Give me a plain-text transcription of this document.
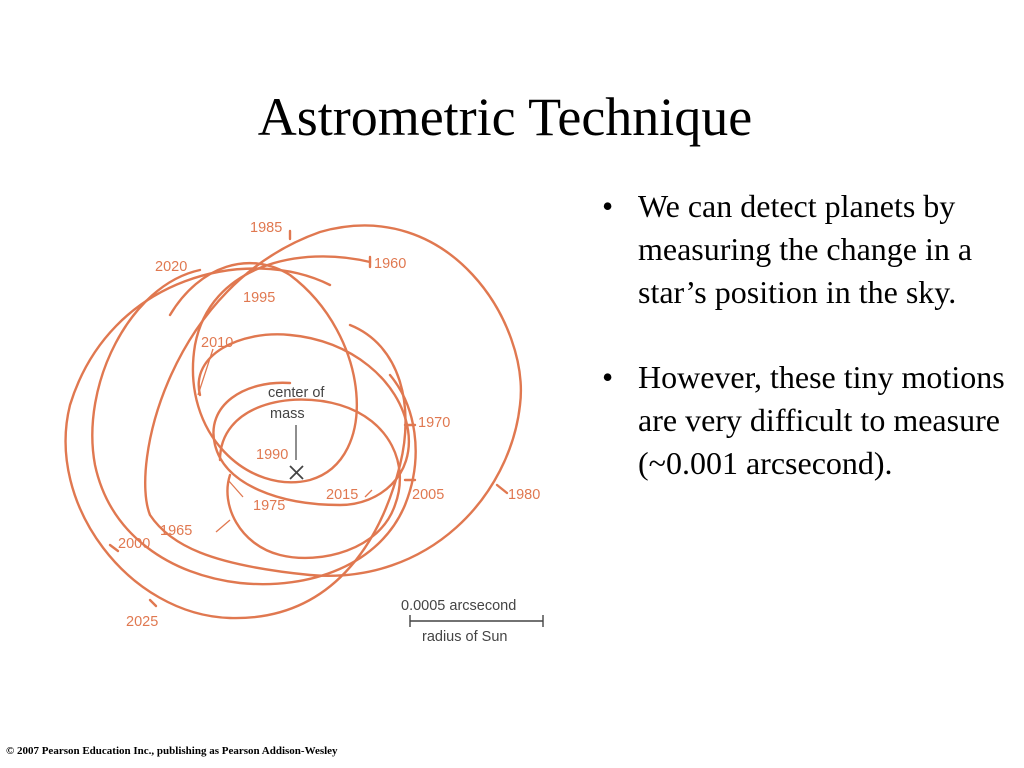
Astrometric Technique
1985
2020	1960
1995
2010
center of
mass
1970
1990
2015	2005	1980
1975
1965
2000
2025
0.0005 arcsecond
radius of Sun
• We can detect planets by measuring the change in a star’s position in the sky.
• However, these tiny motions are very difficult to measure (~0.001 arcsecond).
© 2007 Pearson Education Inc., publishing as Pearson Addison-Wesley
